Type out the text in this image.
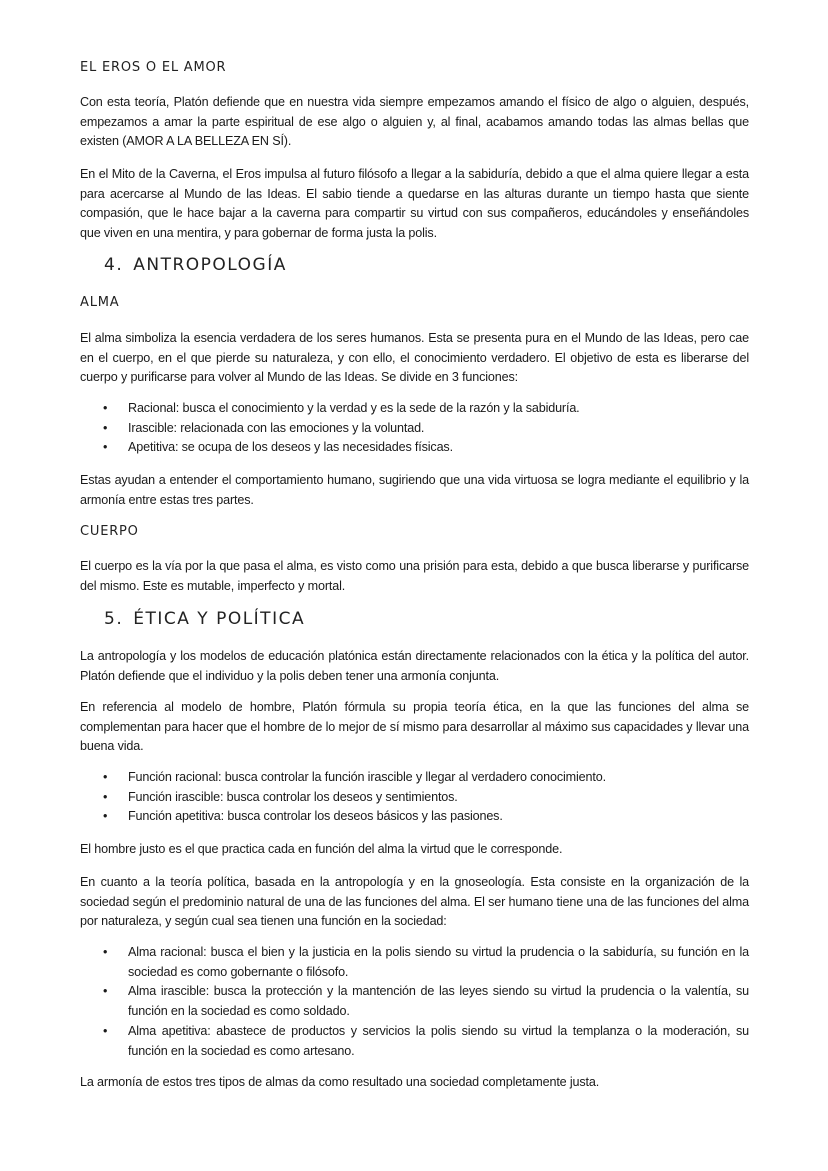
EL EROS O EL AMOR

Con esta teoría, Platón defiende que en nuestra vida siempre empezamos amando el físico de algo o alguien, después, empezamos a amar la parte espiritual de ese algo o alguien y, al final, acabamos amando todas las almas bellas que existen (AMOR A LA BELLEZA EN SÍ).

En el Mito de la Caverna, el Eros impulsa al futuro filósofo a llegar a la sabiduría, debido a que el alma quiere llegar a esta para acercarse al Mundo de las Ideas. El sabio tiende a quedarse en las alturas durante un tiempo hasta que siente compasión, que le hace bajar a la caverna para compartir su virtud con sus compañeros, educándoles y enseñándoles que viven en una mentira, y para gobernar de forma justa la polis.

4. ANTROPOLOGÍA
ALMA

El alma simboliza la esencia verdadera de los seres humanos. Esta se presenta pura en el Mundo de las Ideas, pero cae en el cuerpo, en el que pierde su naturaleza, y con ello, el conocimiento verdadero. El objetivo de esta es liberarse del cuerpo y purificarse para volver al Mundo de las Ideas. Se divide en 3 funciones:

• Racional: busca el conocimiento y la verdad y es la sede de la razón y la sabiduría.
• Irascible: relacionada con las emociones y la voluntad.
• Apetitiva: se ocupa de los deseos y las necesidades físicas.

Estas ayudan a entender el comportamiento humano, sugiriendo que una vida virtuosa se logra mediante el equilibrio y la armonía entre estas tres partes.

CUERPO

El cuerpo es la vía por la que pasa el alma, es visto como una prisión para esta, debido a que busca liberarse y purificarse del mismo. Este es mutable, imperfecto y mortal.

5. ÉTICA Y POLÍTICA

La antropología y los modelos de educación platónica están directamente relacionados con la ética y la política del autor. Platón defiende que el individuo y la polis deben tener una armonía conjunta.

En referencia al modelo de hombre, Platón fórmula su propia teoría ética, en la que las funciones del alma se complementan para hacer que el hombre de lo mejor de sí mismo para desarrollar al máximo sus capacidades y llevar una buena vida.

• Función racional: busca controlar la función irascible y llegar al verdadero conocimiento.
• Función irascible: busca controlar los deseos y sentimientos.
• Función apetitiva: busca controlar los deseos básicos y las pasiones.

El hombre justo es el que practica cada en función del alma la virtud que le corresponde.

En cuanto a la teoría política, basada en la antropología y en la gnoseología. Esta consiste en la organización de la sociedad según el predominio natural de una de las funciones del alma. El ser humano tiene una de las funciones del alma por naturaleza, y según cual sea tienen una función en la sociedad:

• Alma racional: busca el bien y la justicia en la polis siendo su virtud la prudencia o la sabiduría, su función en la sociedad es como gobernante o filósofo.
• Alma irascible: busca la protección y la mantención de las leyes siendo su virtud la prudencia o la valentía, su función en la sociedad es como soldado.
• Alma apetitiva: abastece de productos y servicios la polis siendo su virtud la templanza o la moderación, su función en la sociedad es como artesano.

La armonía de estos tres tipos de almas da como resultado una sociedad completamente justa.
